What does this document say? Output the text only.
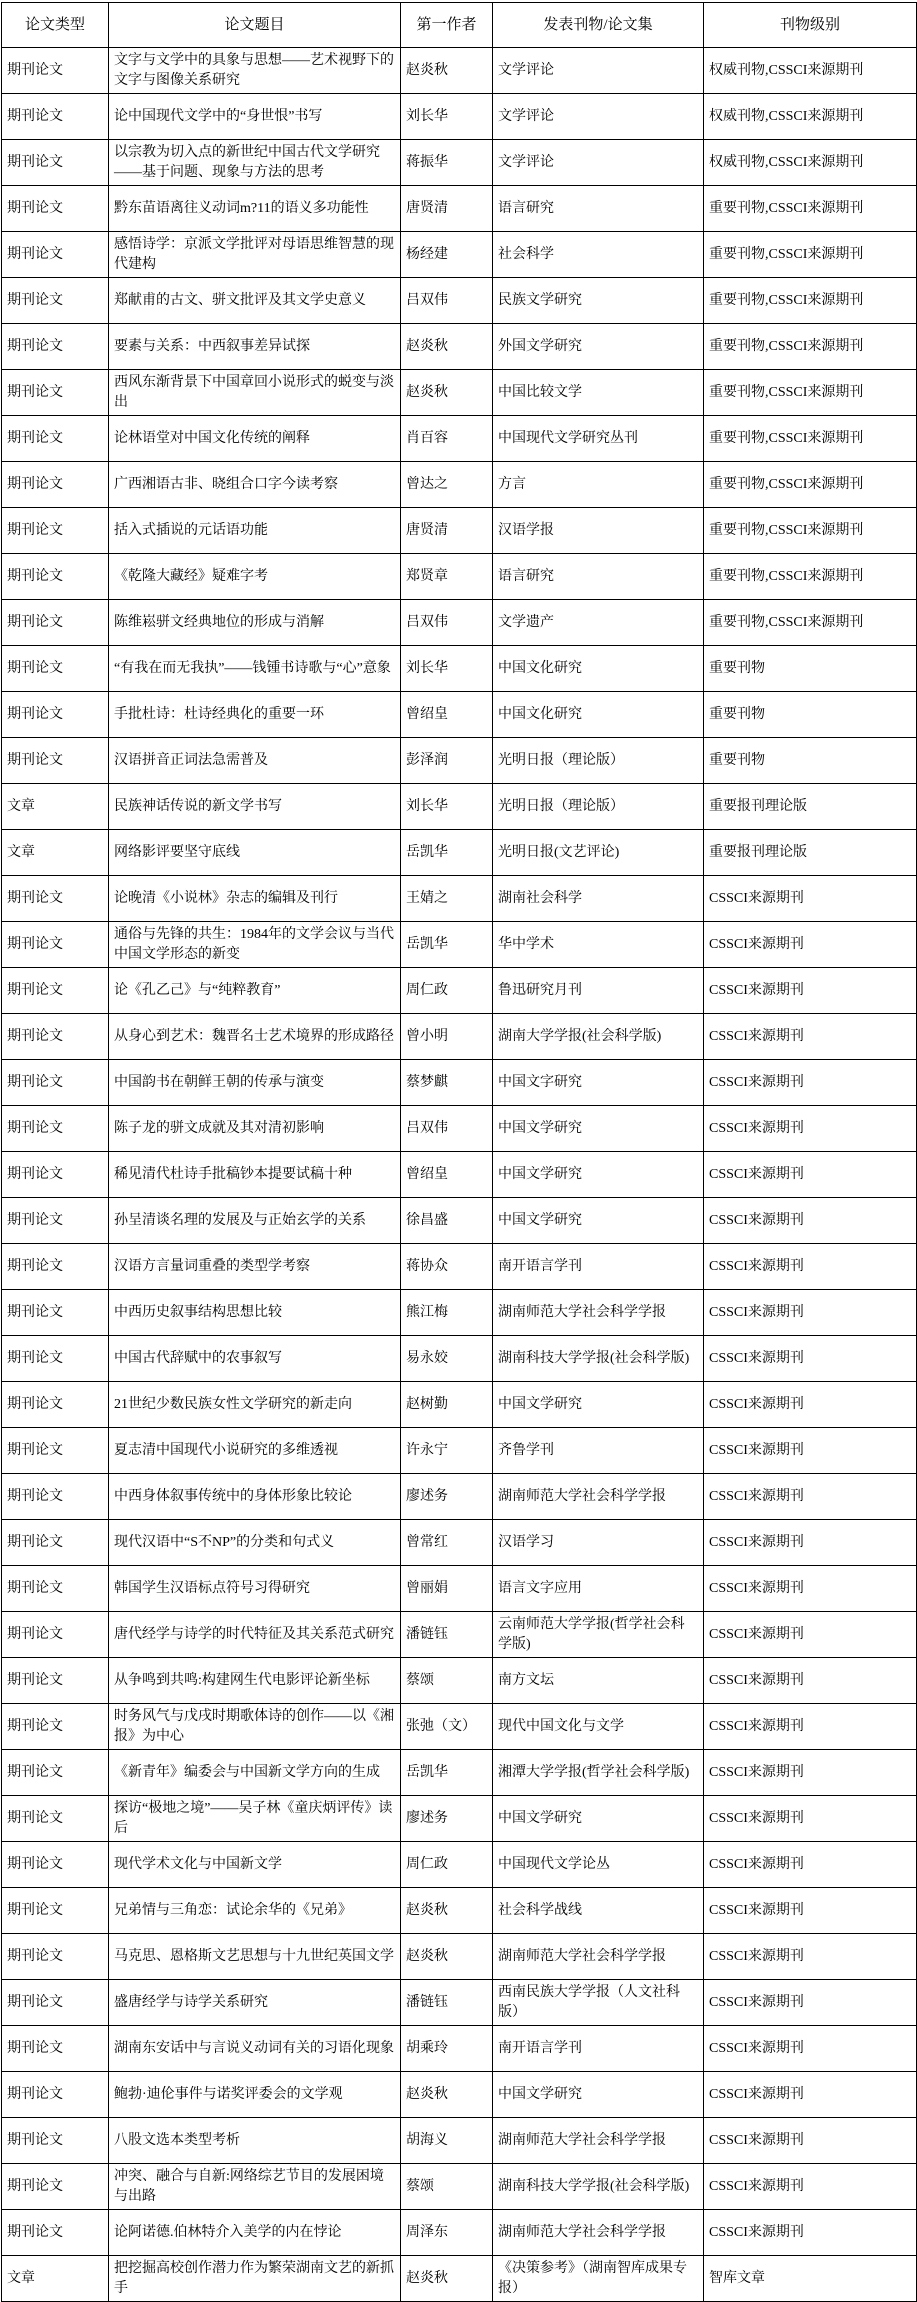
论文类型	论文题目	第一作者	发表刊物/论文集	刊物级别
期刊论文	文字与文学中的具象与思想——艺术视野下的文字与图像关系研究	赵炎秋	文学评论	权威刊物,CSSCI来源期刊
期刊论文	论中国现代文学中的“身世恨”书写	刘长华	文学评论	权威刊物,CSSCI来源期刊
期刊论文	以宗教为切入点的新世纪中国古代文学研究——基于问题、现象与方法的思考	蒋振华	文学评论	权威刊物,CSSCI来源期刊
期刊论文	黔东苗语离往义动词m?11的语义多功能性	唐贤清	语言研究	重要刊物,CSSCI来源期刊
期刊论文	感悟诗学：京派文学批评对母语思维智慧的现代建构	杨经建	社会科学	重要刊物,CSSCI来源期刊
期刊论文	郑献甫的古文、骈文批评及其文学史意义	吕双伟	民族文学研究	重要刊物,CSSCI来源期刊
期刊论文	要素与关系：中西叙事差异试探	赵炎秋	外国文学研究	重要刊物,CSSCI来源期刊
期刊论文	西风东渐背景下中国章回小说形式的蜕变与淡出	赵炎秋	中国比较文学	重要刊物,CSSCI来源期刊
期刊论文	论林语堂对中国文化传统的阐释	肖百容	中国现代文学研究丛刊	重要刊物,CSSCI来源期刊
期刊论文	广西湘语古非、晓组合口字今读考察	曾达之	方言	重要刊物,CSSCI来源期刊
期刊论文	括入式插说的元话语功能	唐贤清	汉语学报	重要刊物,CSSCI来源期刊
期刊论文	《乾隆大藏经》疑难字考	郑贤章	语言研究	重要刊物,CSSCI来源期刊
期刊论文	陈维崧骈文经典地位的形成与消解	吕双伟	文学遗产	重要刊物,CSSCI来源期刊
期刊论文	“有我在而无我执”——钱锺书诗歌与“心”意象	刘长华	中国文化研究	重要刊物
期刊论文	手批杜诗：杜诗经典化的重要一环	曾绍皇	中国文化研究	重要刊物
期刊论文	汉语拼音正词法急需普及	彭泽润	光明日报（理论版）	重要刊物
文章	民族神话传说的新文学书写	刘长华	光明日报（理论版）	重要报刊理论版
文章	网络影评要坚守底线	岳凯华	光明日报(文艺评论)	重要报刊理论版
期刊论文	论晚清《小说林》杂志的编辑及刊行	王婧之	湖南社会科学	CSSCI来源期刊
期刊论文	通俗与先锋的共生：1984年的文学会议与当代中国文学形态的新变	岳凯华	华中学术	CSSCI来源期刊
期刊论文	论《孔乙己》与“纯粹教育”	周仁政	鲁迅研究月刊	CSSCI来源期刊
期刊论文	从身心到艺术：魏晋名士艺术境界的形成路径	曾小明	湖南大学学报(社会科学版)	CSSCI来源期刊
期刊论文	中国韵书在朝鲜王朝的传承与演变	蔡梦麒	中国文字研究	CSSCI来源期刊
期刊论文	陈子龙的骈文成就及其对清初影响	吕双伟	中国文学研究	CSSCI来源期刊
期刊论文	稀见清代杜诗手批稿钞本提要试稿十种	曾绍皇	中国文学研究	CSSCI来源期刊
期刊论文	孙呈清谈名理的发展及与正始玄学的关系	徐昌盛	中国文学研究	CSSCI来源期刊
期刊论文	汉语方言量词重叠的类型学考察	蒋协众	南开语言学刊	CSSCI来源期刊
期刊论文	中西历史叙事结构思想比较	熊江梅	湖南师范大学社会科学学报	CSSCI来源期刊
期刊论文	中国古代辞赋中的农事叙写	易永姣	湖南科技大学学报(社会科学版)	CSSCI来源期刊
期刊论文	21世纪少数民族女性文学研究的新走向	赵树勤	中国文学研究	CSSCI来源期刊
期刊论文	夏志清中国现代小说研究的多维透视	许永宁	齐鲁学刊	CSSCI来源期刊
期刊论文	中西身体叙事传统中的身体形象比较论	廖述务	湖南师范大学社会科学学报	CSSCI来源期刊
期刊论文	现代汉语中“S不NP”的分类和句式义	曾常红	汉语学习	CSSCI来源期刊
期刊论文	韩国学生汉语标点符号习得研究	曾丽娟	语言文字应用	CSSCI来源期刊
期刊论文	唐代经学与诗学的时代特征及其关系范式研究	潘链钰	云南师范大学学报(哲学社会科学版)	CSSCI来源期刊
期刊论文	从争鸣到共鸣:构建网生代电影评论新坐标	蔡颂	南方文坛	CSSCI来源期刊
期刊论文	时务风气与戊戌时期歌体诗的创作——以《湘报》为中心	张弛（文）	现代中国文化与文学	CSSCI来源期刊
期刊论文	《新青年》编委会与中国新文学方向的生成	岳凯华	湘潭大学学报(哲学社会科学版)	CSSCI来源期刊
期刊论文	探访“极地之境”——吴子林《童庆炳评传》读后	廖述务	中国文学研究	CSSCI来源期刊
期刊论文	现代学术文化与中国新文学	周仁政	中国现代文学论丛	CSSCI来源期刊
期刊论文	兄弟情与三角恋：试论余华的《兄弟》	赵炎秋	社会科学战线	CSSCI来源期刊
期刊论文	马克思、恩格斯文艺思想与十九世纪英国文学	赵炎秋	湖南师范大学社会科学学报	CSSCI来源期刊
期刊论文	盛唐经学与诗学关系研究	潘链钰	西南民族大学学报（人文社科版）	CSSCI来源期刊
期刊论文	湖南东安话中与言说义动词有关的习语化现象	胡乘玲	南开语言学刊	CSSCI来源期刊
期刊论文	鲍勃·迪伦事件与诺奖评委会的文学观	赵炎秋	中国文学研究	CSSCI来源期刊
期刊论文	八股文选本类型考析	胡海义	湖南师范大学社会科学学报	CSSCI来源期刊
期刊论文	冲突、融合与自新:网络综艺节目的发展困境与出路	蔡颂	湖南科技大学学报(社会科学版)	CSSCI来源期刊
期刊论文	论阿诺德.伯林特介入美学的内在悖论	周泽东	湖南师范大学社会科学学报	CSSCI来源期刊
文章	把挖掘高校创作潜力作为繁荣湖南文艺的新抓手	赵炎秋	《决策参考》（湖南智库成果专报）	智库文章
